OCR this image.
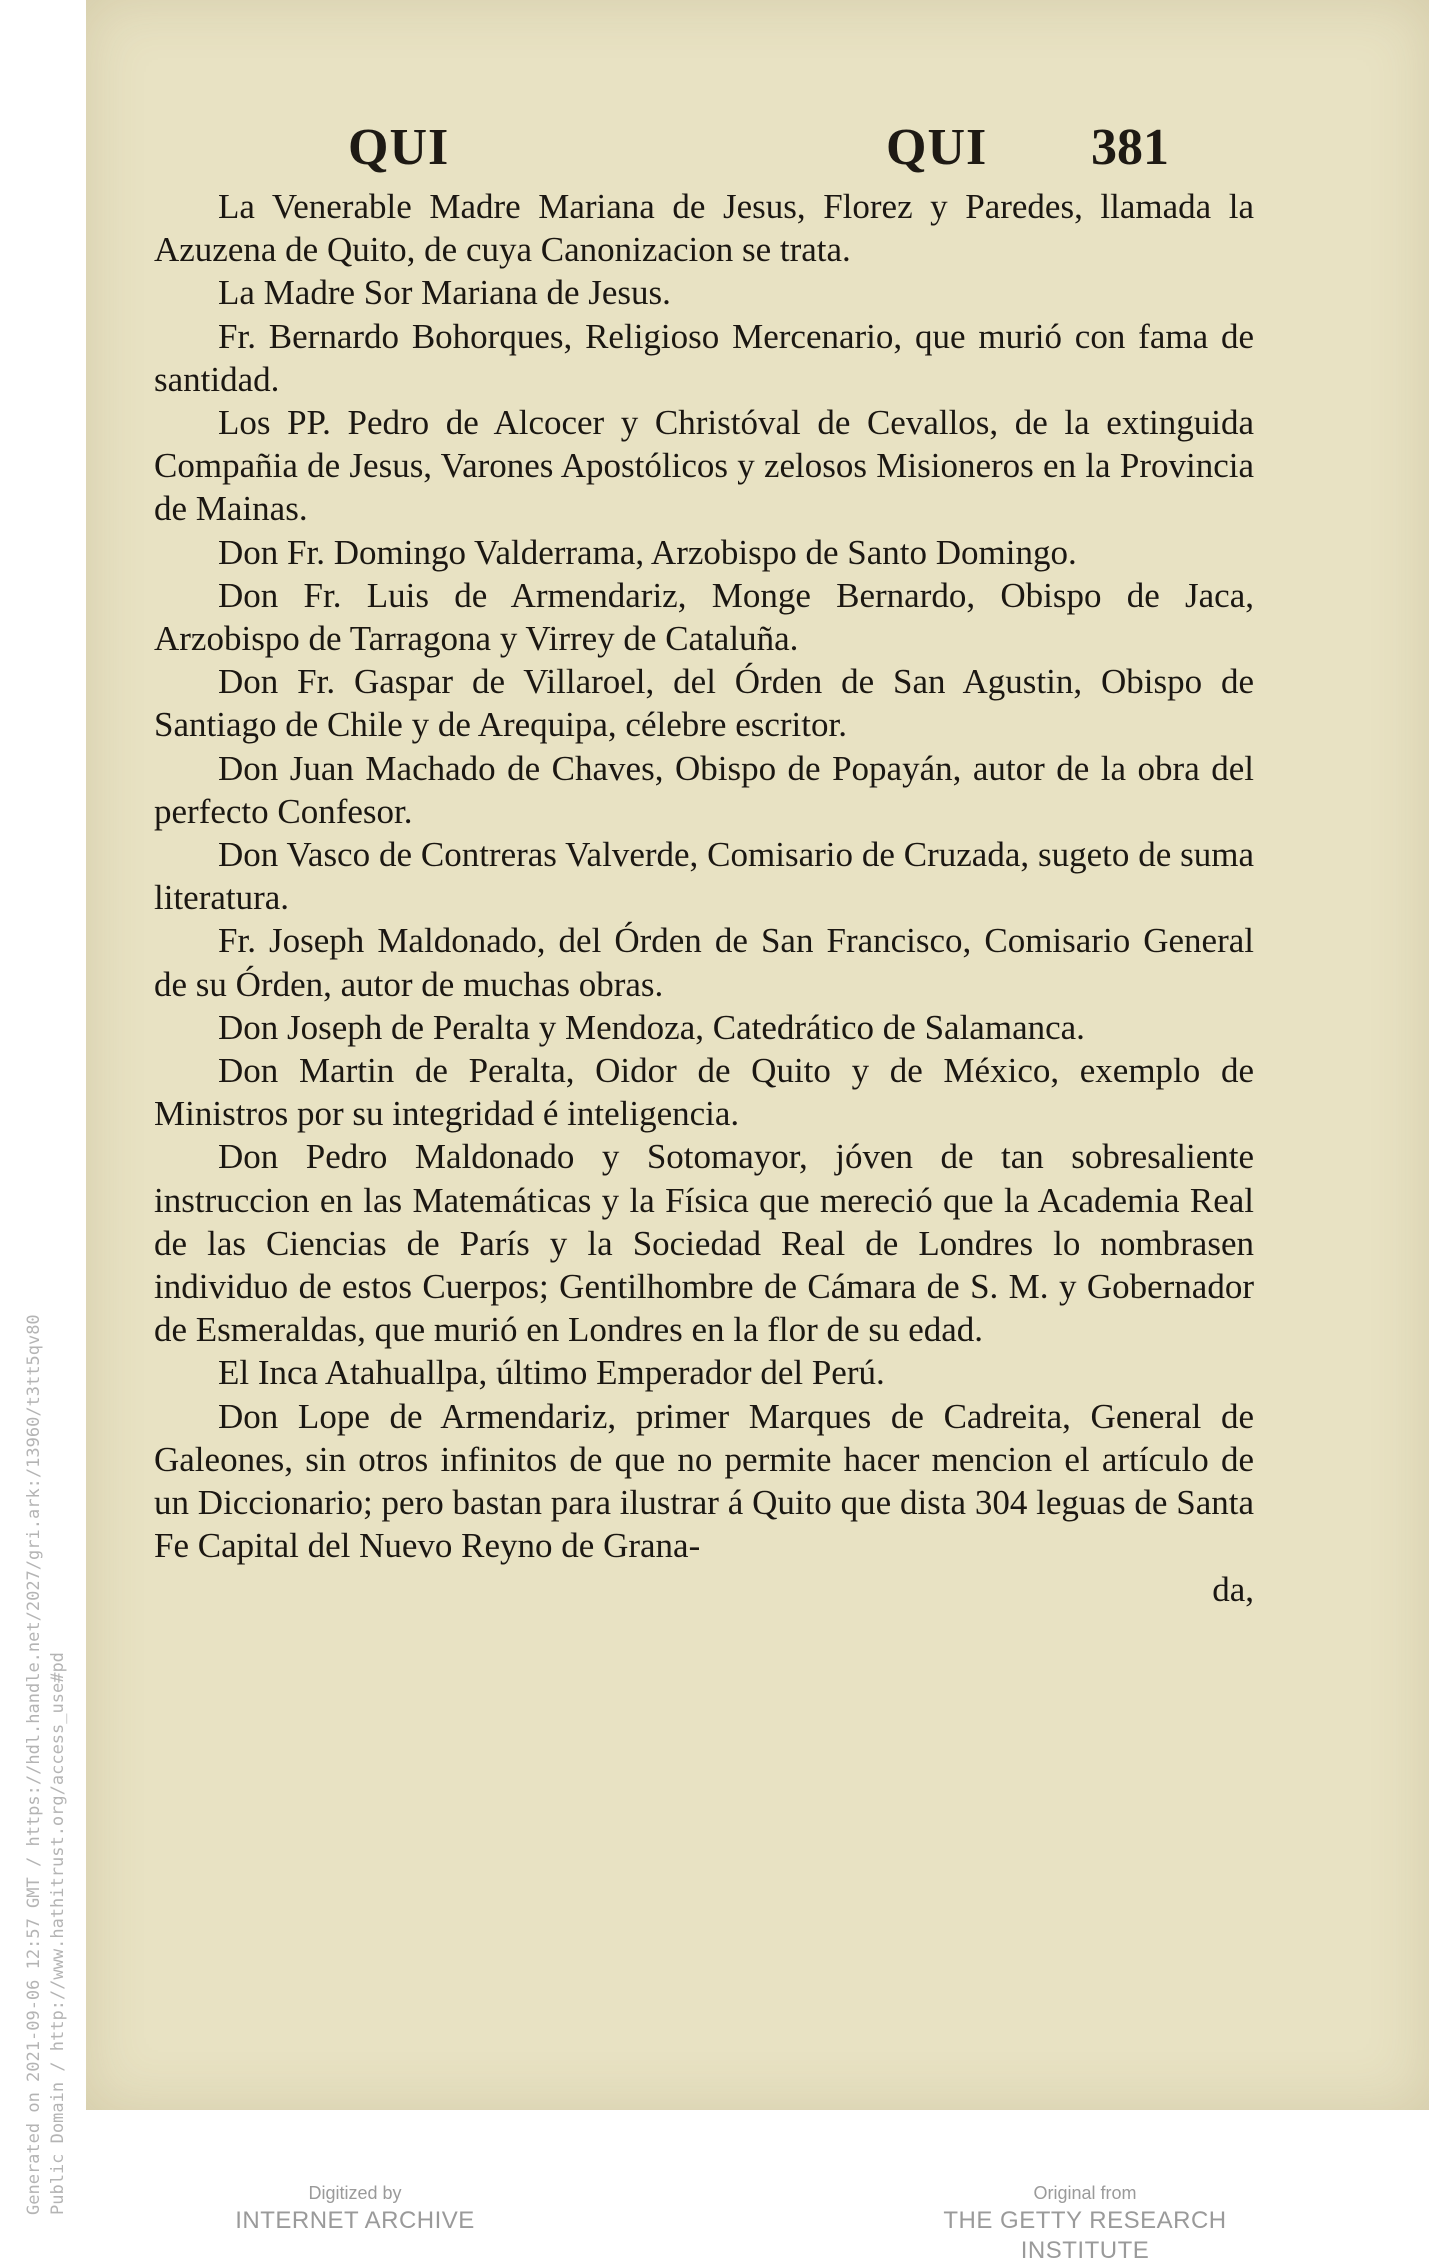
QUI	QUI 381

La Venerable Madre Mariana de Jesus, Florez y Paredes, llamada la Azuzena de Quito, de cuya Canonizacion se trata.

La Madre Sor Mariana de Jesus.

Fr. Bernardo Bohorques, Religioso Mercenario, que murió con fama de santidad.

Los PP. Pedro de Alcocer y Christóval de Cevallos, de la extinguida Compañia de Jesus, Varones Apostólicos y zelosos Misioneros en la Provincia de Mainas.

Don Fr. Domingo Valderrama, Arzobispo de Santo Domingo.

Don Fr. Luis de Armendariz, Monge Bernardo, Obispo de Jaca, Arzobispo de Tarragona y Virrey de Cataluña.

Don Fr. Gaspar de Villaroel, del Órden de San Agustin, Obispo de Santiago de Chile y de Arequipa, célebre escritor.

Don Juan Machado de Chaves, Obispo de Popayán, autor de la obra del perfecto Confesor.

Don Vasco de Contreras Valverde, Comisario de Cruzada, sugeto de suma literatura.

Fr. Joseph Maldonado, del Órden de San Francisco, Comisario General de su Órden, autor de muchas obras.

Don Joseph de Peralta y Mendoza, Catedrático de Salamanca.

Don Martin de Peralta, Oidor de Quito y de México, exemplo de Ministros por su integridad é inteligencia.

Don Pedro Maldonado y Sotomayor, jóven de tan sobresaliente instruccion en las Matemáticas y la Física que mereció que la Academia Real de las Ciencias de París y la Sociedad Real de Londres lo nombrasen individuo de estos Cuerpos; Gentilhombre de Cámara de S. M. y Gobernador de Esmeraldas, que murió en Londres en la flor de su edad.

El Inca Atahuallpa, último Emperador del Perú.

Don Lope de Armendariz, primer Marques de Cadreita, General de Galeones, sin otros infinitos de que no permite hacer mencion el artículo de un Diccionario; pero bastan para ilustrar á Quito que dista 304 leguas de Santa Fe Capital del Nuevo Reyno de Grana-

da,

Generated on 2021-09-06 12:57 GMT / https://hdl.handle.net/2027/gri.ark:/13960/t3tt5qv80 Public Domain / http://www.hathitrust.org/access_use#pd	Digitized by
INTERNET ARCHIVE
Original from
THE GETTY RESEARCH INSTITUTE
